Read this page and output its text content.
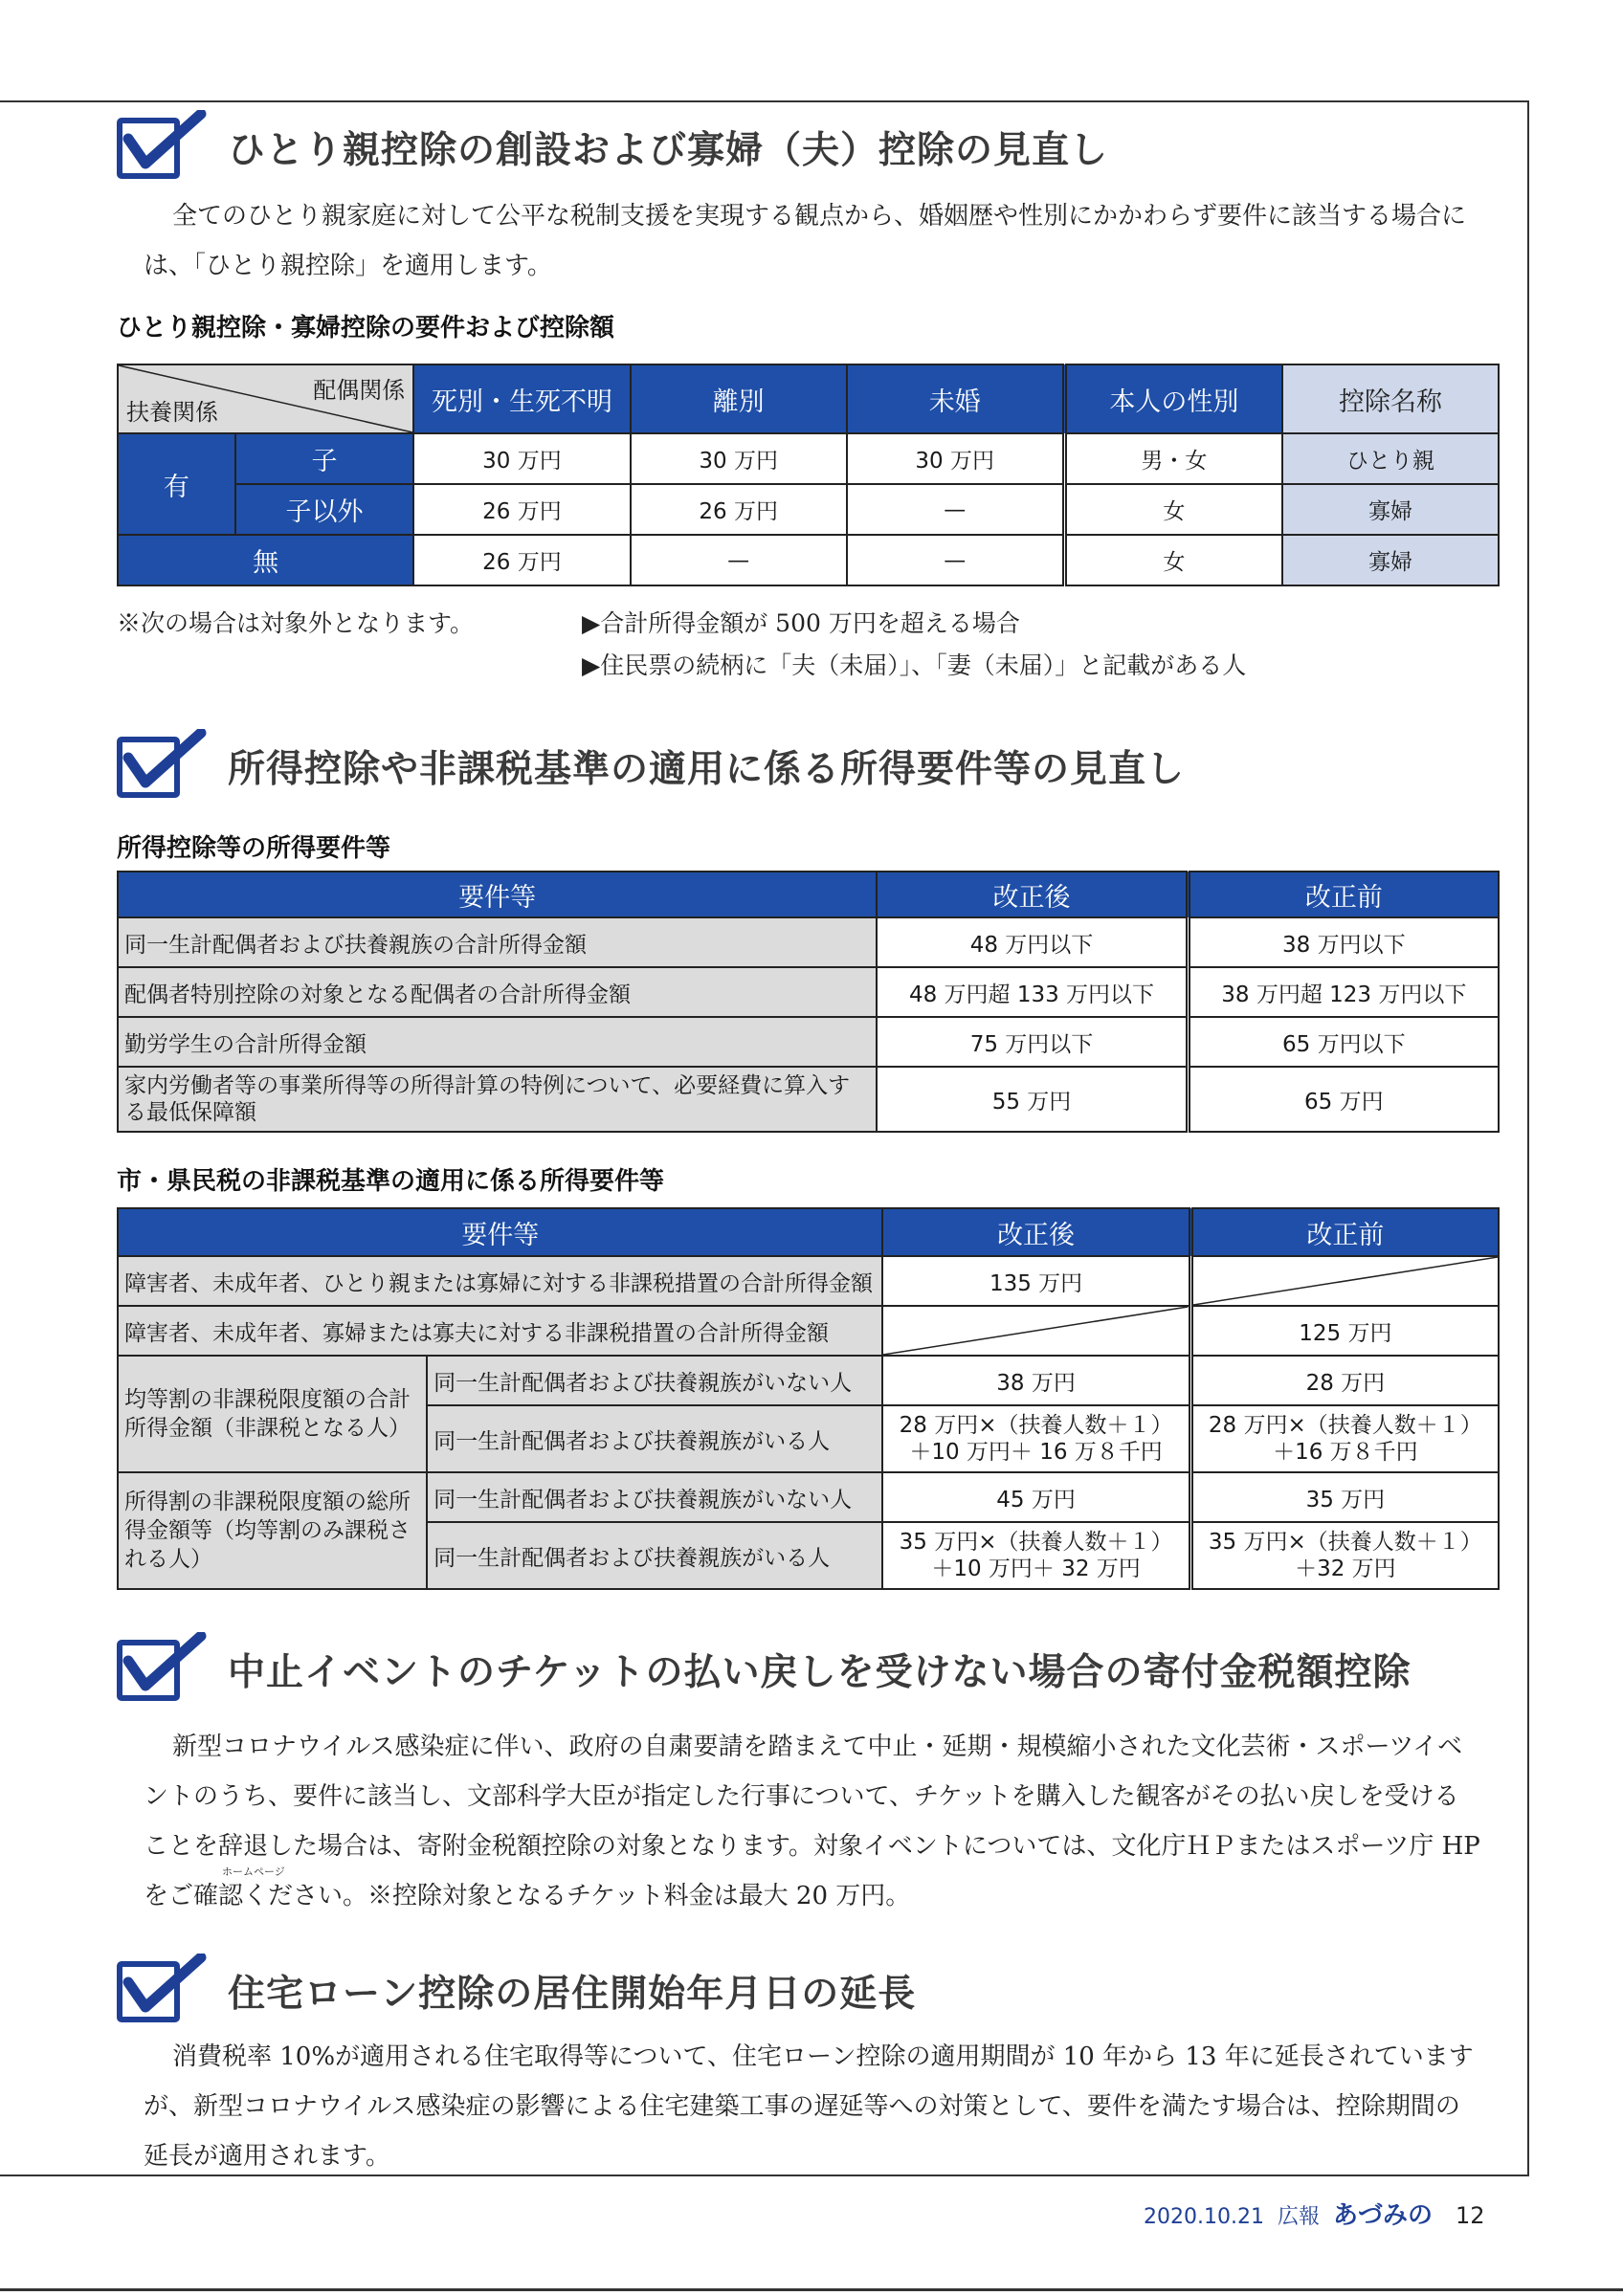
ひとり親控除の創設および寡婦（夫）控除の見直し
全てのひとり親家庭に対して公平な税制支援を実現する観点から、婚姻歴や性別にかかわらず要件に該当する場合には、「ひとり親控除」を適用します。
ひとり親控除・寡婦控除の要件および控除額
配偶関係
扶養関係		死別・生死不明	離別	未婚	本人の性別	控除名称
有	子	30 万円	30 万円	30 万円	男・女	ひとり親
	子以外	26 万円	26 万円	—	女	寡婦
無		26 万円	—	—	女	寡婦
※次の場合は対象外となります。	▶合計所得金額が 500 万円を超える場合
▶住民票の続柄に「夫（未届）」、「妻（未届）」と記載がある人
所得控除や非課税基準の適用に係る所得要件等の見直し
所得控除等の所得要件等
要件等	改正後	改正前
同一生計配偶者および扶養親族の合計所得金額	48 万円以下	38 万円以下
配偶者特別控除の対象となる配偶者の合計所得金額	48 万円超 133 万円以下	38 万円超 123 万円以下
勤労学生の合計所得金額	75 万円以下	65 万円以下
家内労働者等の事業所得等の所得計算の特例について、必要経費に算入する最低保障額	55 万円	65 万円
市・県民税の非課税基準の適用に係る所得要件等
要件等		改正後	改正前
障害者、未成年者、ひとり親または寡婦に対する非課税措置の合計所得金額		135 万円	

障害者、未成年者、寡婦または寡夫に対する非課税措置の合計所得金額			125 万円
均等割の非課税限度額の合計所得金額（非課税となる人）	同一生計配偶者および扶養親族がいない人	38 万円	28 万円
	同一生計配偶者および扶養親族がいる人	28 万円×（扶養人数＋１）＋10 万円＋ 16 万８千円	28 万円×（扶養人数＋１）＋16 万８千円
所得割の非課税限度額の総所得金額等（均等割のみ課税される人）	同一生計配偶者および扶養親族がいない人	45 万円	35 万円
	同一生計配偶者および扶養親族がいる人	35 万円×（扶養人数＋１）＋10 万円＋ 32 万円	35 万円×（扶養人数＋１）＋32 万円
中止イベントのチケットの払い戻しを受けない場合の寄付金税額控除
新型コロナウイルス感染症に伴い、政府の自粛要請を踏まえて中止・延期・規模縮小された文化芸術・スポーツイベントのうち、要件に該当し、文部科学大臣が指定した行事について、チケットを購入した観客がその払い戻しを受けることを辞退した場合は、寄附金税額控除の対象となります。対象イベントについては、文化庁ＨＰまたはスポーツ庁 HP をご確認ください。※控除対象となるチケット料金は最大 20 万円。
ホームページ
住宅ローン控除の居住開始年月日の延長
消費税率 10%が適用される住宅取得等について、住宅ローン控除の適用期間が 10 年から 13 年に延長されていますが、新型コロナウイルス感染症の影響による住宅建築工事の遅延等への対策として、要件を満たす場合は、控除期間の延長が適用されます。
2020.10.21 広報 あづみの 12
